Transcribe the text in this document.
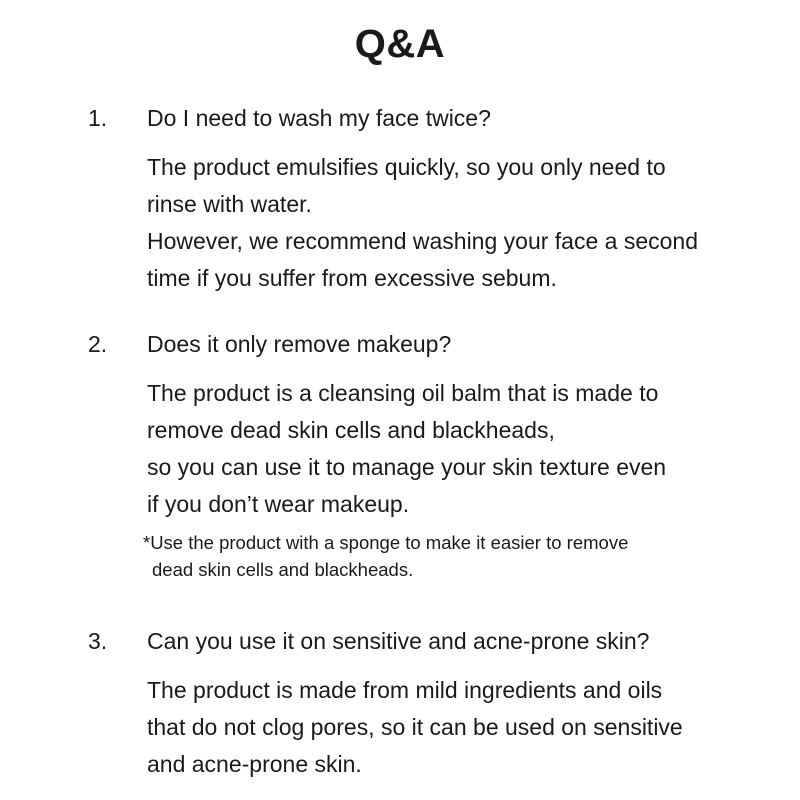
Q&A
1. Do I need to wash my face twice?
The product emulsifies quickly, so you only need to
rinse with water.
However, we recommend washing your face a second
time if you suffer from excessive sebum.
2. Does it only remove makeup?
The product is a cleansing oil balm that is made to
remove dead skin cells and blackheads,
so you can use it to manage your skin texture even
if you don’t wear makeup.
*Use the product with a sponge to make it easier to remove
dead skin cells and blackheads.
3. Can you use it on sensitive and acne-prone skin?
The product is made from mild ingredients and oils
that do not clog pores, so it can be used on sensitive
and acne-prone skin.
